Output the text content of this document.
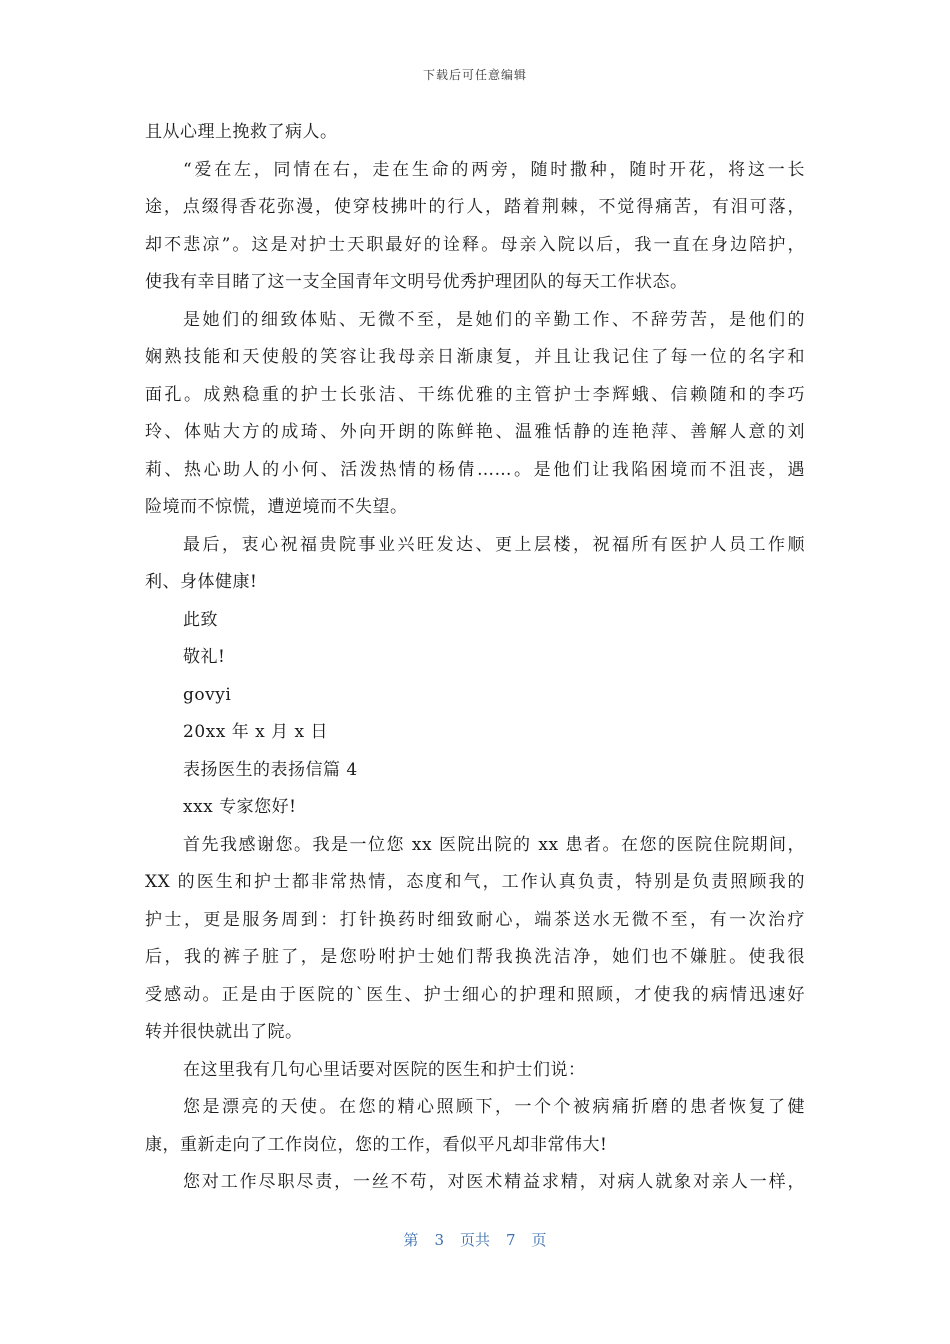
下载后可任意编辑
且从心理上挽救了病人。
“爱在左，同情在右，走在生命的两旁，随时撒种，随时开花，将这一长
途，点缀得香花弥漫，使穿枝拂叶的行人，踏着荆棘，不觉得痛苦，有泪可落，
却不悲凉”。这是对护士天职最好的诠释。母亲入院以后，我一直在身边陪护，
使我有幸目睹了这一支全国青年文明号优秀护理团队的每天工作状态。
是她们的细致体贴、无微不至，是她们的辛勤工作、不辞劳苦，是他们的
娴熟技能和天使般的笑容让我母亲日渐康复，并且让我记住了每一位的名字和
面孔。成熟稳重的护士长张洁、干练优雅的主管护士李辉蛾、信赖随和的李巧
玲、体贴大方的成琦、外向开朗的陈鲜艳、温雅恬静的连艳萍、善解人意的刘
莉、热心助人的小何、活泼热情的杨倩……。是他们让我陷困境而不沮丧，遇
险境而不惊慌，遭逆境而不失望。
最后，衷心祝福贵院事业兴旺发达、更上层楼，祝福所有医护人员工作顺
利、身体健康!
此致
敬礼!
govyi
20xx 年 x 月 x 日
表扬医生的表扬信篇 4
xxx 专家您好!
首先我感谢您。我是一位您 xx 医院出院的 xx 患者。在您的医院住院期间，
XX 的医生和护士都非常热情，态度和气，工作认真负责，特别是负责照顾我的
护士，更是服务周到：打针换药时细致耐心，端茶送水无微不至，有一次治疗
后，我的裤子脏了，是您吩咐护士她们帮我换洗洁净，她们也不嫌脏。使我很
受感动。正是由于医院的`医生、护士细心的护理和照顾，才使我的病情迅速好
转并很快就出了院。
在这里我有几句心里话要对医院的医生和护士们说：
您是漂亮的天使。在您的精心照顾下，一个个被病痛折磨的患者恢复了健
康，重新走向了工作岗位，您的工作，看似平凡却非常伟大!
您对工作尽职尽责，一丝不苟，对医术精益求精，对病人就象对亲人一样，
第 3 页共 7 页
